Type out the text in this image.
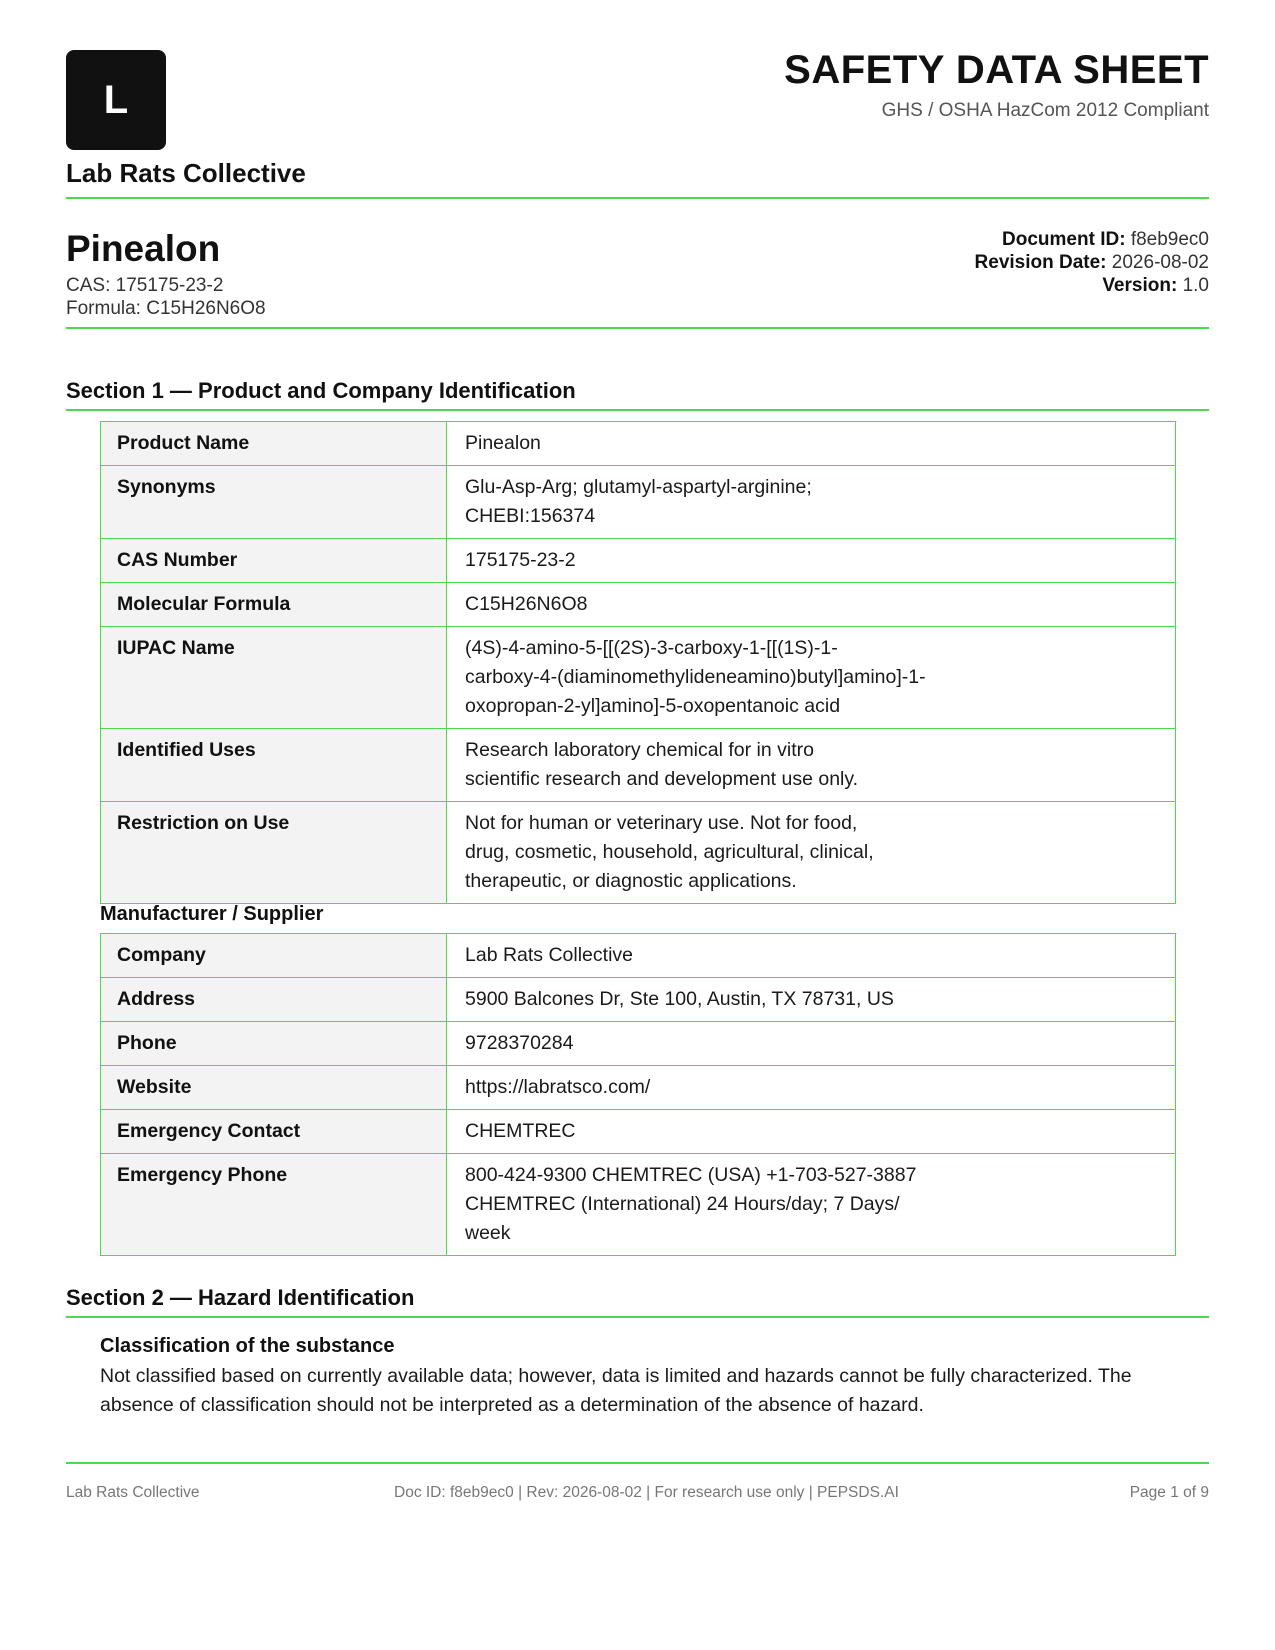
L
Lab Rats Collective
SAFETY DATA SHEET
GHS / OSHA HazCom 2012 Compliant
Pinealon
CAS: 175175-23-2
Formula: C15H26N6O8
Document ID: f8eb9ec0
Revision Date: 2026-08-02
Version: 1.0
Section 1 — Product and Company Identification
Product Name	Pinealon
Synonyms	Glu-Asp-Arg; glutamyl-aspartyl-arginine;
CHEBI:156374
CAS Number	175175-23-2
Molecular Formula	C15H26N6O8
IUPAC Name	(4S)-4-amino-5-[[(2S)-3-carboxy-1-[[(1S)-1-
carboxy-4-(diaminomethylideneamino)butyl]amino]-1-
oxopropan-2-yl]amino]-5-oxopentanoic acid
Identified Uses	Research laboratory chemical for in vitro
scientific research and development use only.
Restriction on Use	Not for human or veterinary use. Not for food,
drug, cosmetic, household, agricultural, clinical,
therapeutic, or diagnostic applications.
Manufacturer / Supplier
Company	Lab Rats Collective
Address	5900 Balcones Dr, Ste 100, Austin, TX 78731, US
Phone	9728370284
Website	https://labratsco.com/
Emergency Contact	CHEMTREC
Emergency Phone	800-424-9300 CHEMTREC (USA) +1-703-527-3887
CHEMTREC (International) 24 Hours/day; 7 Days/
week
Section 2 — Hazard Identification
Classification of the substance
Not classified based on currently available data; however, data is limited and hazards cannot be fully characterized. The absence of classification should not be interpreted as a determination of the absence of hazard.
Lab Rats Collective	Doc ID: f8eb9ec0 | Rev: 2026-08-02 | For research use only | PEPSDS.AI	Page 1 of 9
